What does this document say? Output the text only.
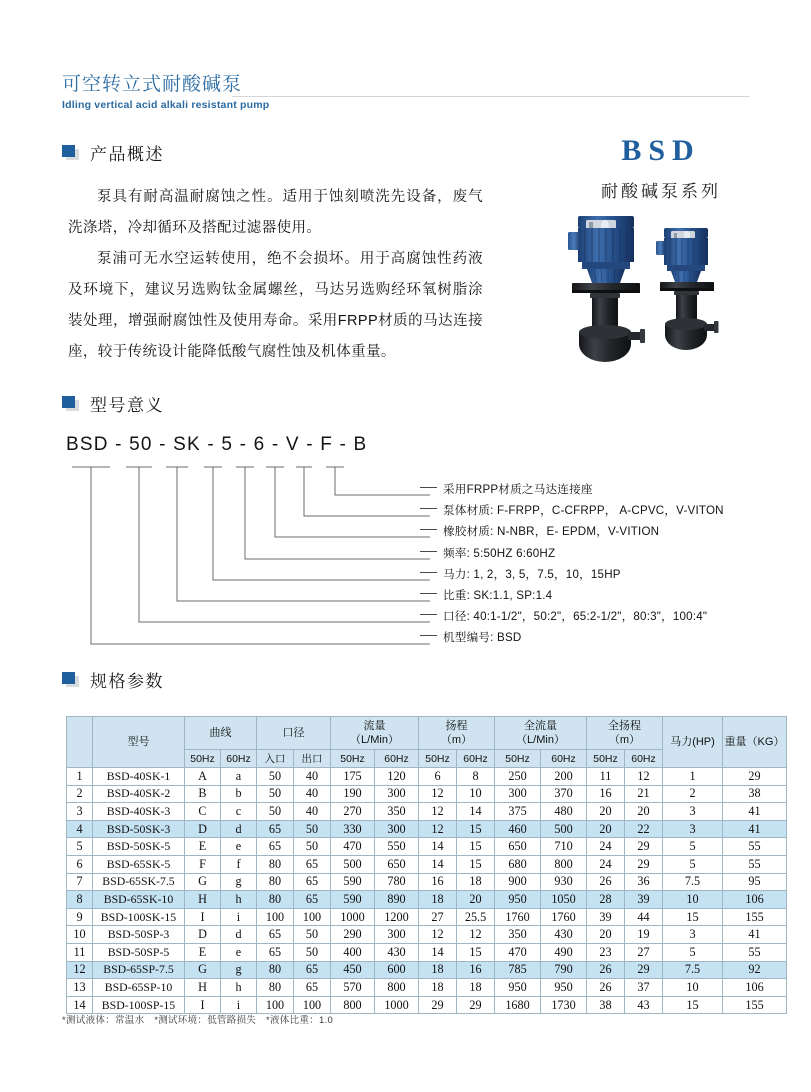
可空转立式耐酸碱泵
Idling vertical acid alkali resistant pump
产品概述

泵具有耐高温耐腐蚀之性。适用于蚀刻喷洗先设备，废气洗涤塔，冷却循环及搭配过滤器使用。

泵浦可无水空运转使用，绝不会损坏。用于高腐蚀性药液及环境下，建议另选购钛金属螺丝，马达另选购经环氧树脂涂装处理，增强耐腐蚀性及使用寿命。采用FRPP材质的马达连接座，较于传统设计能降低酸气腐性蚀及机体重量。

BSD
耐酸碱泵系列
型号意义
BSD - 50 - SK - 5 - 6 - V - F - B
采用FRPP材质之马达连接座
泵体材质: F-FRPP，C-CFRPP， A-CPVC，V-VITON
橡胶材质: N-NBR，E- EPDM，V-VITION
频率: 5:50HZ 6:60HZ
马力: 1, 2，3, 5，7.5，10，15HP
比重: SK:1.1, SP:1.4
口径: 40:1-1/2"，50:2"，65:2-1/2"，80:3"，100:4"
机型编号: BSD
规格参数
	型号	曲线		口径		流量
（L/Min）		扬程
（m）		全流量
（L/Min）		全扬程
（m）		马力(HP)	重量（KG）
		50Hz	60Hz	入口	出口	50Hz	60Hz	50Hz	60Hz	50Hz	60Hz	50Hz	60Hz		
1	BSD-40SK-1	A	a	50	40	175	120	6	8	250	200	11	12	1	29
2	BSD-40SK-2	B	b	50	40	190	300	12	10	300	370	16	21	2	38
3	BSD-40SK-3	C	c	50	40	270	350	12	14	375	480	20	20	3	41
4	BSD-50SK-3	D	d	65	50	330	300	12	15	460	500	20	22	3	41
5	BSD-50SK-5	E	e	65	50	470	550	14	15	650	710	24	29	5	55
6	BSD-65SK-5	F	f	80	65	500	650	14	15	680	800	24	29	5	55
7	BSD-65SK-7.5	G	g	80	65	590	780	16	18	900	930	26	36	7.5	95
8	BSD-65SK-10	H	h	80	65	590	890	18	20	950	1050	28	39	10	106
9	BSD-100SK-15	I	i	100	100	1000	1200	27	25.5	1760	1760	39	44	15	155
10	BSD-50SP-3	D	d	65	50	290	300	12	12	350	430	20	19	3	41
11	BSD-50SP-5	E	e	65	50	400	430	14	15	470	490	23	27	5	55
12	BSD-65SP-7.5	G	g	80	65	450	600	18	16	785	790	26	29	7.5	92
13	BSD-65SP-10	H	h	80	65	570	800	18	18	950	950	26	37	10	106
14	BSD-100SP-15	I	i	100	100	800	1000	29	29	1680	1730	38	43	15	155
*测试液体：常温水　*测试环境：低管路损失　*液体比重：1.0
